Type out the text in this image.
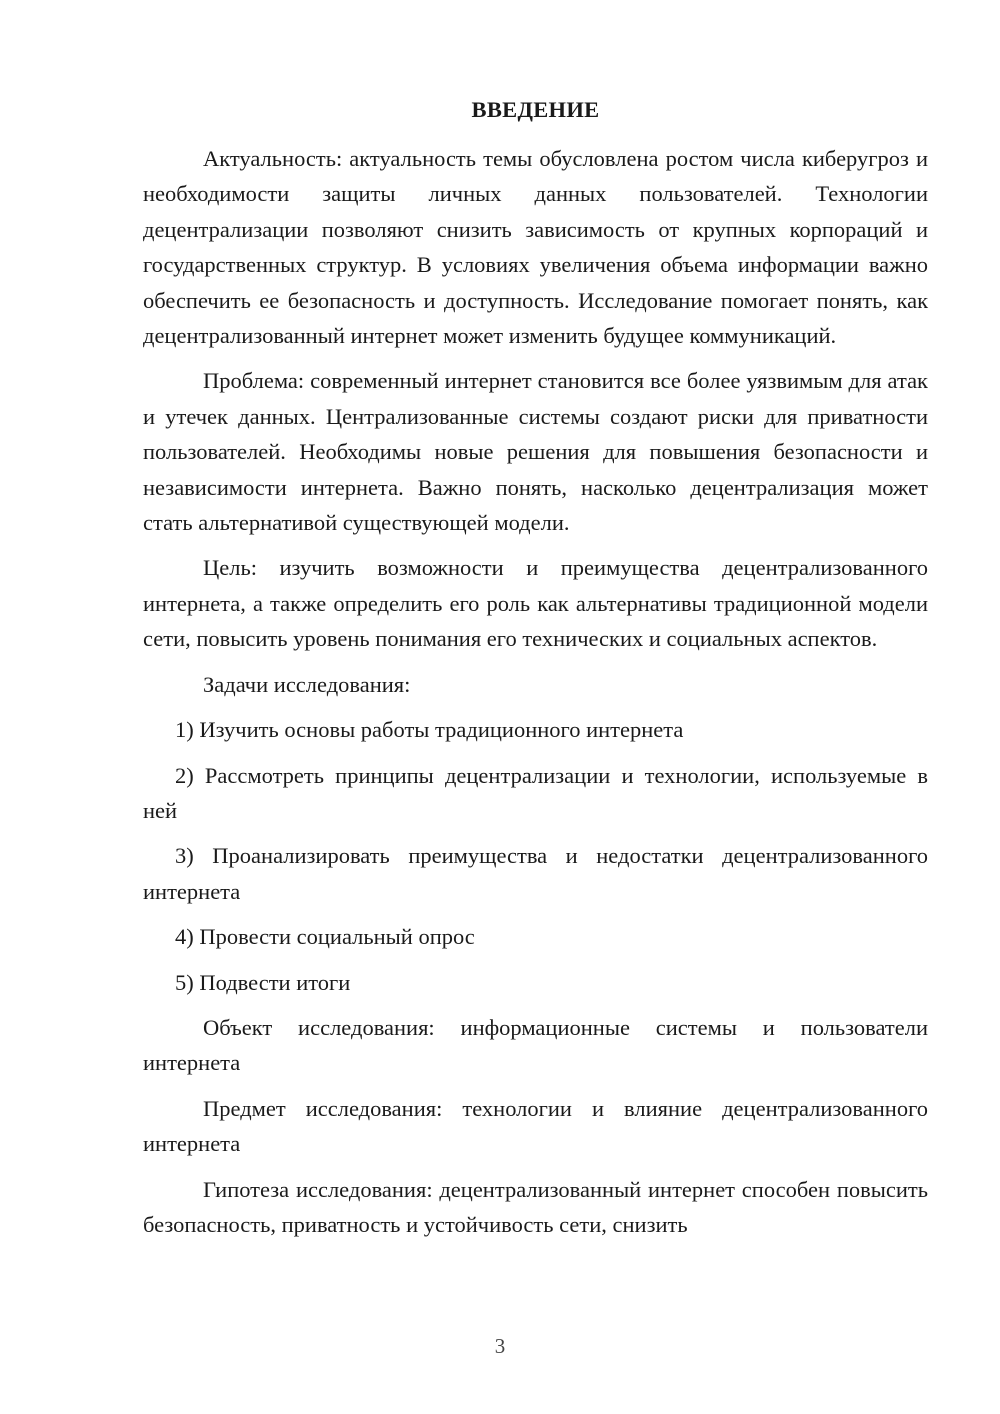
ВВЕДЕНИЕ

Актуальность: актуальность темы обусловлена ростом числа киберугроз и необходимости защиты личных данных пользователей. Технологии децентрализации позволяют снизить зависимость от крупных корпораций и государственных структур. В условиях увеличения объема информации важно обеспечить ее безопасность и доступность. Исследование помогает понять, как децентрализованный интернет может изменить будущее коммуникаций.

Проблема: современный интернет становится все более уязвимым для атак и утечек данных. Централизованные системы создают риски для приватности пользователей. Необходимы новые решения для повышения безопасности и независимости интернета. Важно понять, насколько децентрализация может стать альтернативой существующей модели.

Цель: изучить возможности и преимущества децентрализованного интернета, а также определить его роль как альтернативы традиционной модели сети, повысить уровень понимания его технических и социальных аспектов.

Задачи исследования:

1) Изучить основы работы традиционного интернета

2) Рассмотреть принципы децентрализации и технологии, используемые в ней

3) Проанализировать преимущества и недостатки децентрализованного интернета

4) Провести социальный опрос

5) Подвести итоги

Объект исследования: информационные системы и пользователи интернета

Предмет исследования: технологии и влияние децентрализованного интернета

Гипотеза исследования: децентрализованный интернет способен повысить безопасность, приватность и устойчивость сети, снизить

3
